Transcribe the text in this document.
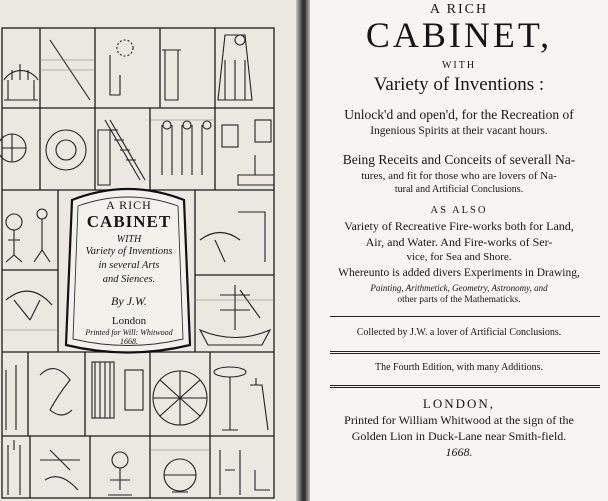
A RICH
CABINET
WITH
Variety of Inventions
in several Arts
and Siences.
By J.W.
London
Printed for Will: Whitwood
1668.
A RICH
CABINET,
WITH
Variety of Inventions :
Unlock'd and open'd, for the Recreation of
Ingenious Spirits at their vacant hours.
Being Receits and Conceits of severall Na-
tures, and fit for those who are lovers of Na-
tural and Artificial Conclusions.
AS ALSO
Variety of Recreative Fire-works both for Land,
Air, and Water. And Fire-works of Ser-
vice, for Sea and Shore.
Whereunto is added divers Experiments in Drawing,
Painting, Arithmetick, Geometry, Astronomy, and
other parts of the Mathematicks.
Collected by J.W. a lover of Artificial Conclusions.
The Fourth Edition, with many Additions.
LONDON,
Printed for William Whitwood at the sign of the
Golden Lion in Duck-Lane near Smith-field.
1668.
